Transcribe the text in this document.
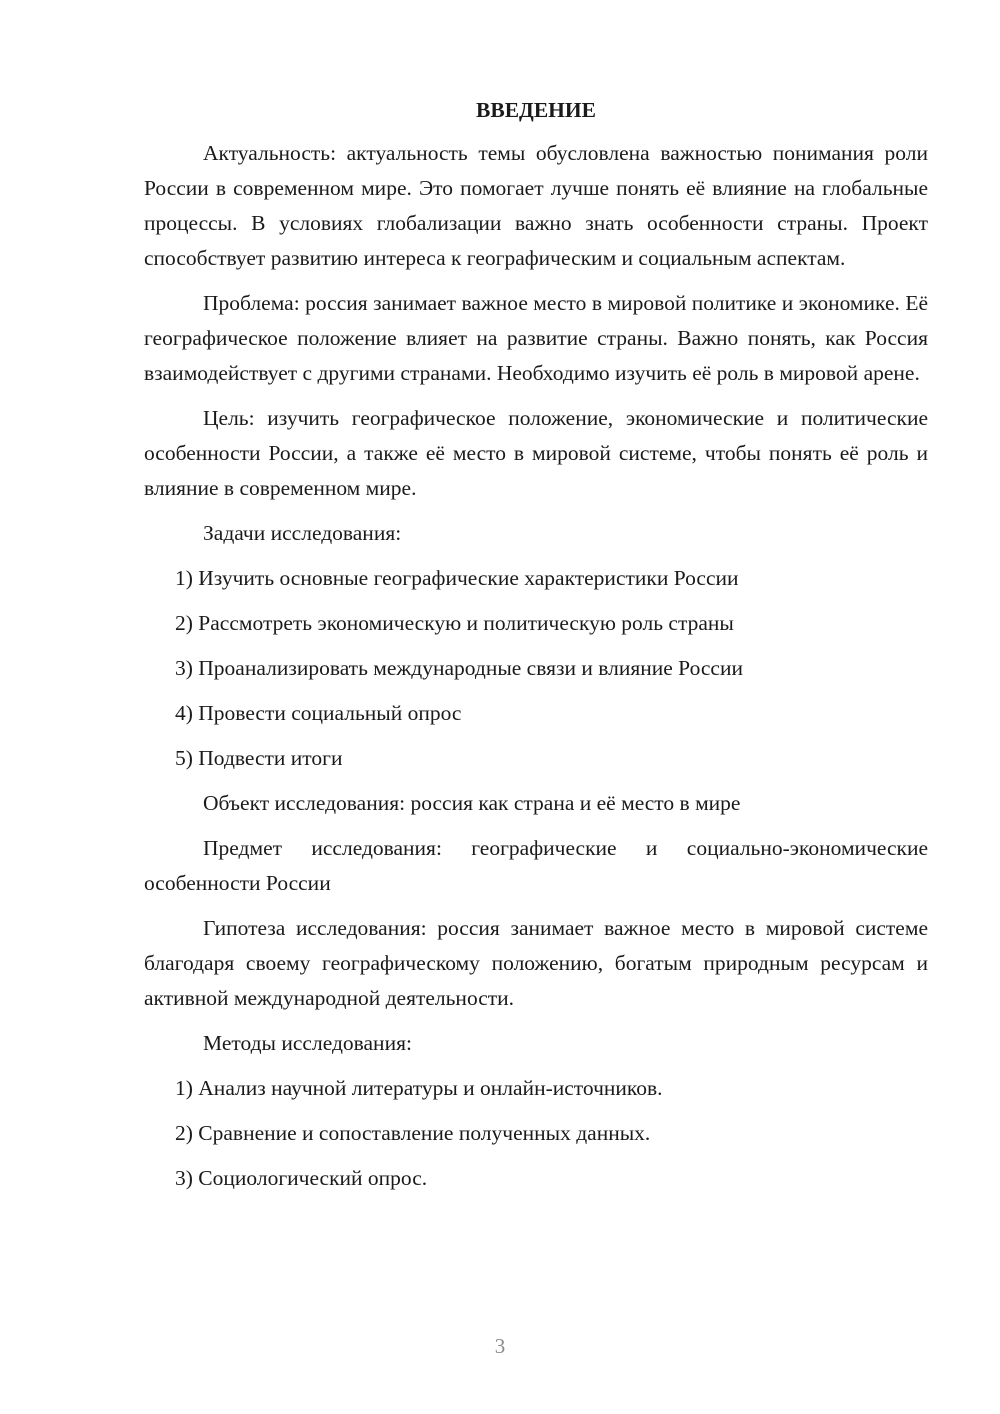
ВВЕДЕНИЕ

Актуальность: актуальность темы обусловлена важностью понимания роли России в современном мире. Это помогает лучше понять её влияние на глобальные процессы. В условиях глобализации важно знать особенности страны. Проект способствует развитию интереса к географическим и социальным аспектам.

Проблема: россия занимает важное место в мировой политике и экономике. Её географическое положение влияет на развитие страны. Важно понять, как Россия взаимодействует с другими странами. Необходимо изучить её роль в мировой арене.

Цель: изучить географическое положение, экономические и политические особенности России, а также её место в мировой системе, чтобы понять её роль и влияние в современном мире.

Задачи исследования:

1) Изучить основные географические характеристики России
2) Рассмотреть экономическую и политическую роль страны
3) Проанализировать международные связи и влияние России
4) Провести социальный опрос
5) Подвести итоги

Объект исследования: россия как страна и её место в мире

Предмет исследования: географические и социально-экономические особенности России

Гипотеза исследования: россия занимает важное место в мировой системе благодаря своему географическому положению, богатым природным ресурсам и активной международной деятельности.

Методы исследования:

1) Анализ научной литературы и онлайн-источников.
2) Сравнение и сопоставление полученных данных.
3) Социологический опрос.
3
